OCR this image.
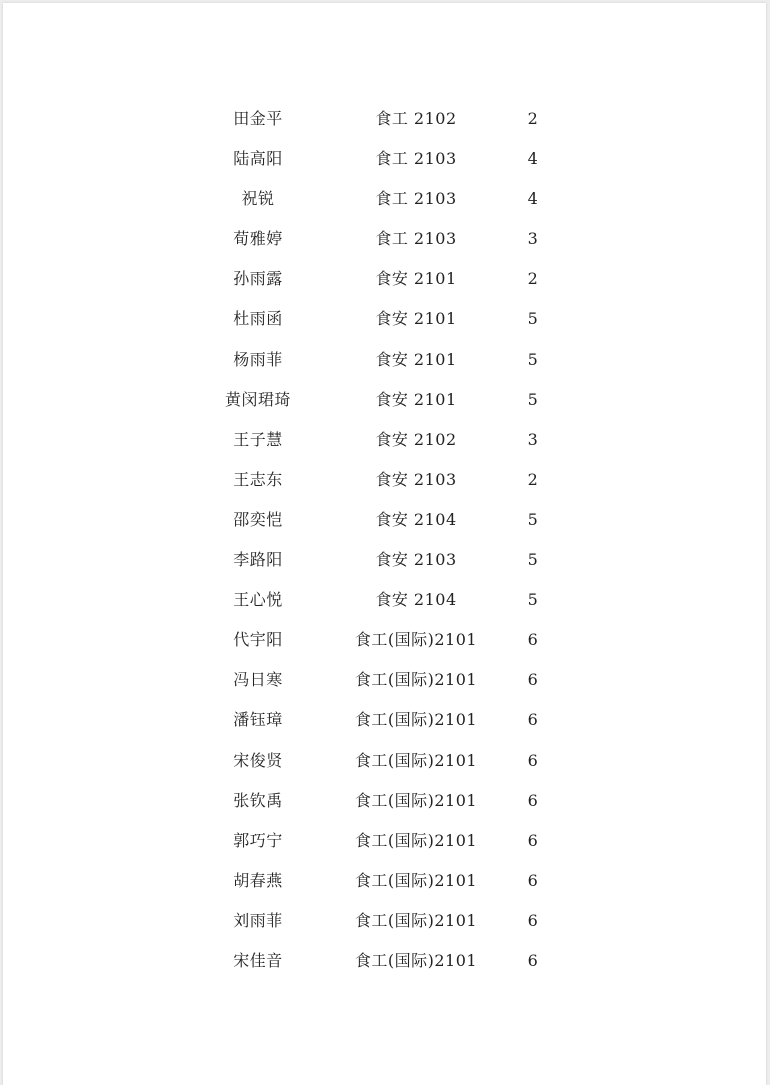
田金平	食工 2102	2
陆高阳	食工 2103	4
祝锐	食工 2103	4
荀雅婷	食工 2103	3
孙雨露	食安 2101	2
杜雨函	食安 2101	5
杨雨菲	食安 2101	5
黄闵珺琦	食安 2101	5
王子慧	食安 2102	3
王志东	食安 2103	2
邵奕恺	食安 2104	5
李路阳	食安 2103	5
王心悦	食安 2104	5
代宇阳	食工(国际)2101	6
冯日寒	食工(国际)2101	6
潘钰璋	食工(国际)2101	6
宋俊贤	食工(国际)2101	6
张钦禹	食工(国际)2101	6
郭巧宁	食工(国际)2101	6
胡春燕	食工(国际)2101	6
刘雨菲	食工(国际)2101	6
宋佳音	食工(国际)2101	6
